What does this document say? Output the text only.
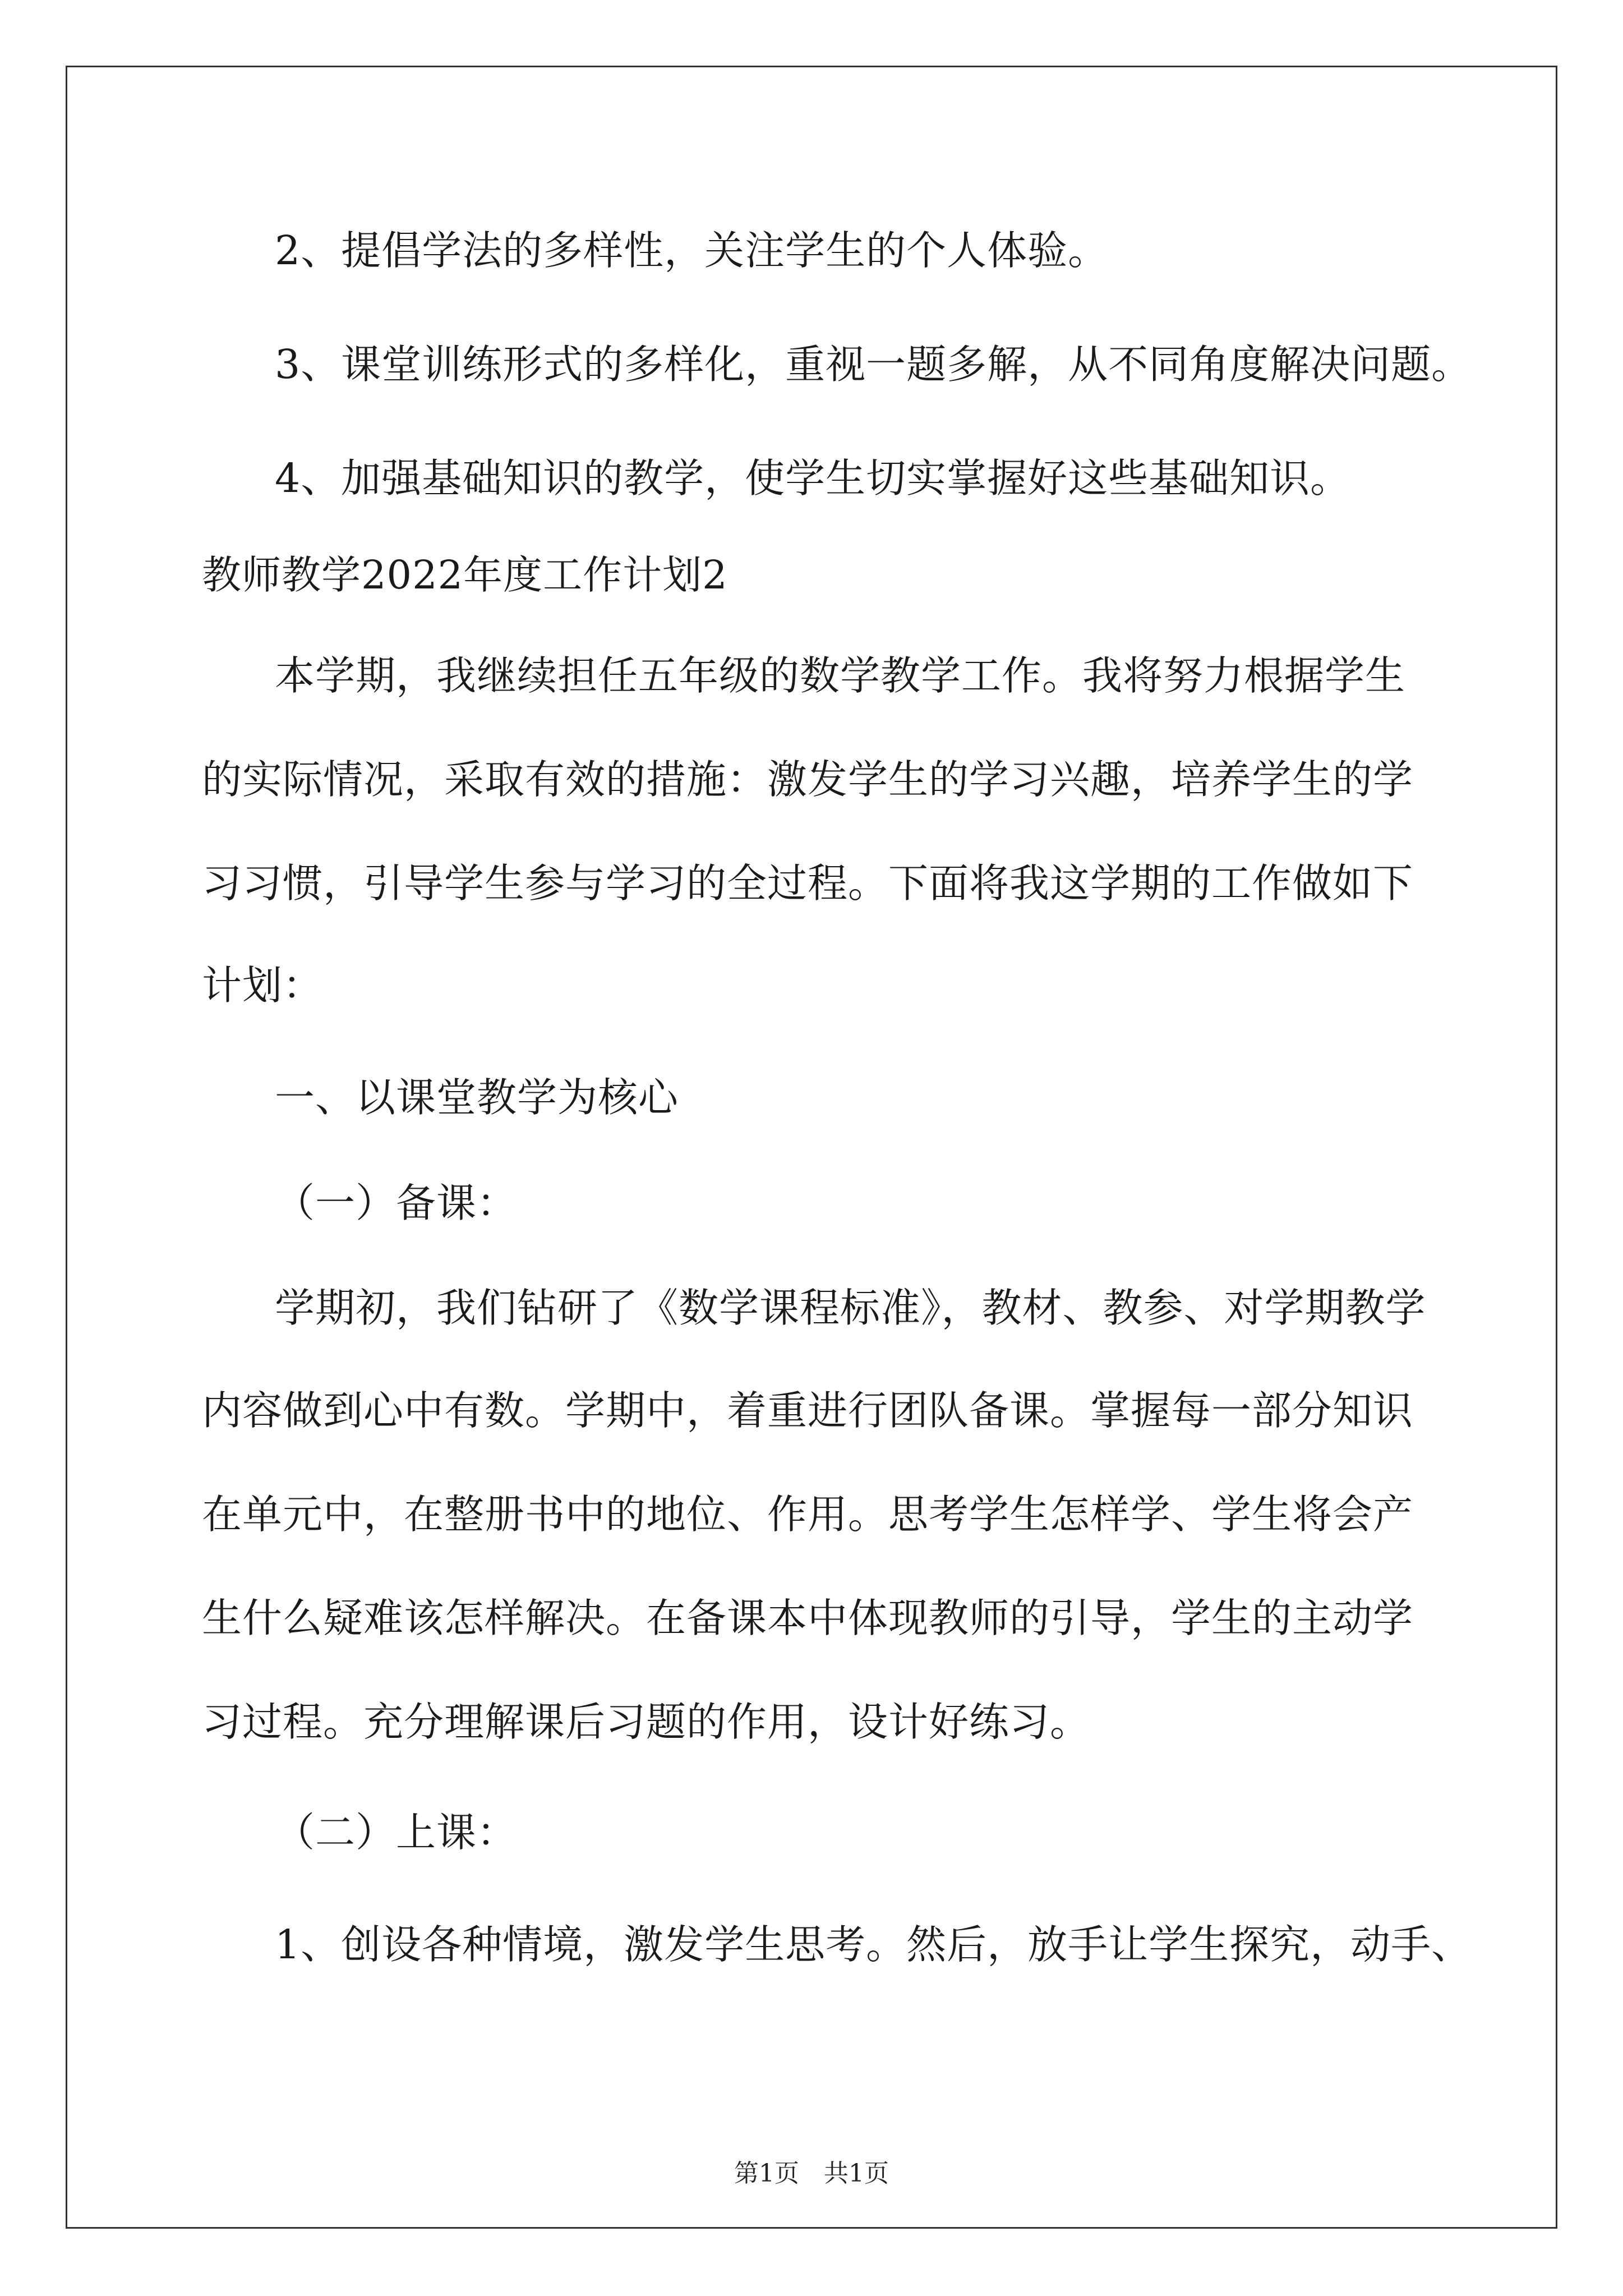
2、提倡学法的多样性，关注学生的个人体验。
3、课堂训练形式的多样化，重视一题多解，从不同角度解决问题。
4、加强基础知识的教学，使学生切实掌握好这些基础知识。
教师教学2022年度工作计划2
本学期，我继续担任五年级的数学教学工作。我将努力根据学生
的实际情况，采取有效的措施：激发学生的学习兴趣，培养学生的学
习习惯，引导学生参与学习的全过程。下面将我这学期的工作做如下
计划：
一、以课堂教学为核心
（一）备课：
学期初，我们钻研了《数学课程标准》，教材、教参、对学期教学
内容做到心中有数。学期中，着重进行团队备课。掌握每一部分知识
在单元中，在整册书中的地位、作用。思考学生怎样学、学生将会产
生什么疑难该怎样解决。在备课本中体现教师的引导，学生的主动学
习过程。充分理解课后习题的作用，设计好练习。
（二）上课：
1、创设各种情境，激发学生思考。然后，放手让学生探究，动手、
第1页　共1页
